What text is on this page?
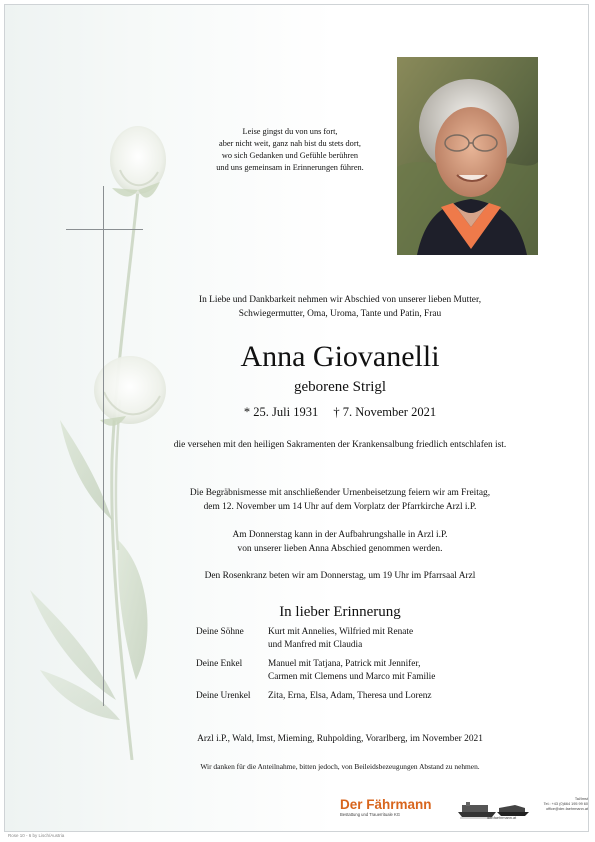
Leise gingst du von uns fort,
aber nicht weit, ganz nah bist du stets dort,
wo sich Gedanken und Gefühle berühren
und uns gemeinsam in Erinnerungen führen.
In Liebe und Dankbarkeit nehmen wir Abschied von unserer lieben Mutter,
Schwiegermutter, Oma, Uroma, Tante und Patin, Frau
Anna Giovanelli
geborene Strigl
* 25. Juli 1931 † 7. November 2021
die versehen mit den heiligen Sakramenten der Krankensalbung friedlich entschlafen ist.
Die Begräbnismesse mit anschließender Urnenbeisetzung feiern wir am Freitag,
dem 12. November um 14 Uhr auf dem Vorplatz der Pfarrkirche Arzl i.P.
Am Donnerstag kann in der Aufbahrungshalle in Arzl i.P.
von unserer lieben Anna Abschied genommen werden.
Den Rosenkranz beten wir am Donnerstag, um 19 Uhr im Pfarrsaal Arzl
In lieber Erinnerung
Deine Söhne	Kurt mit Annelies, Wilfried mit Renate
und Manfred mit Claudia
Deine Enkel	Manuel mit Tatjana, Patrick mit Jennifer,
Carmen mit Clemens und Marco mit Familie
Deine Urenkel Zita, Erna, Elsa, Adam, Theresa und Lorenz
Arzl i.P., Wald, Imst, Mieming, Ruhpolding, Vorarlberg, im November 2021
Wir danken für die Anteilnahme, bitten jedoch, von Beileidsbezeugungen Abstand zu nehmen.
Der Fährmann
Bestattung und Trauerrituale KG
der-faehrmann.at
Tal/Imst
Tel.: +43 (0)664 195 99 60
office@der-faehrmann.at
Rose 10 - 6 by Lisch/Austria
